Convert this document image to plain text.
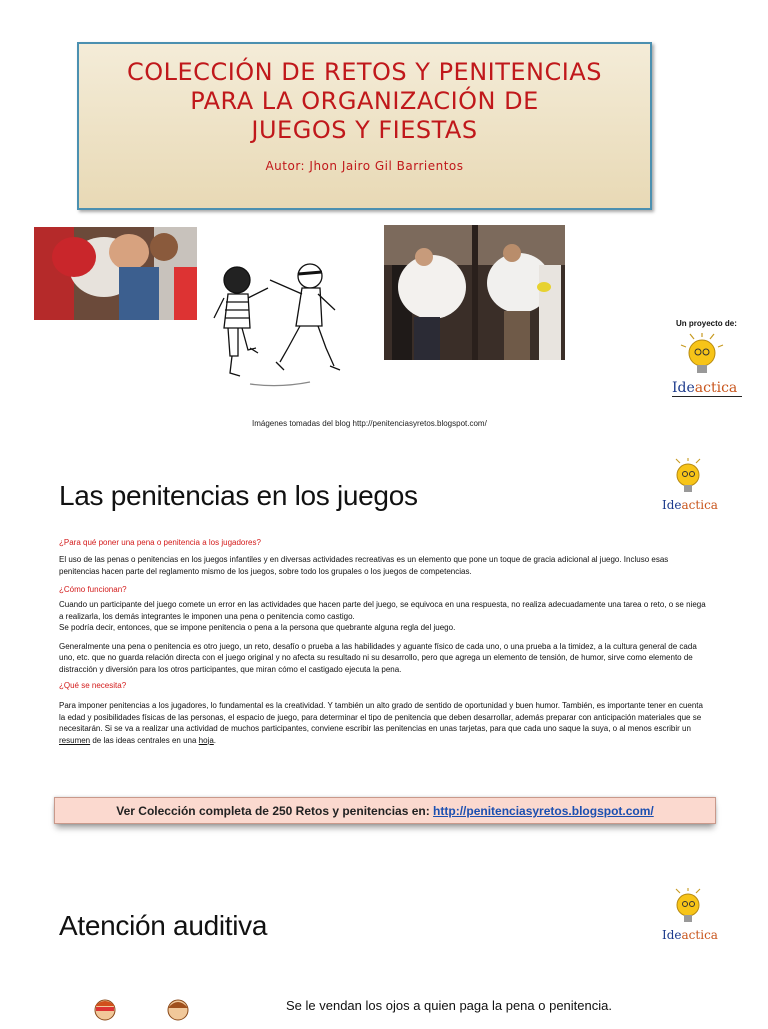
COLECCIÓN DE RETOS Y PENITENCIAS
PARA LA ORGANIZACIÓN DE
JUEGOS Y FIESTAS
Autor: Jhon Jairo Gil Barrientos
Un proyecto de:
Ideactica
Imágenes tomadas del blog http://penitenciasyretos.blogspot.com/
Ideactica
Las penitencias en los juegos

¿Para qué poner una pena o penitencia a los jugadores?

El uso de las penas o penitencias en los juegos infantiles y en diversas actividades recreativas es un elemento que pone un toque de gracia adicional al juego. Incluso esas penitencias hacen parte del reglamento mismo de los juegos, sobre todo los grupales o los juegos de competencias.

¿Cómo funcionan?

Cuando un participante del juego comete un error en las actividades que hacen parte del juego, se equivoca en una respuesta, no realiza adecuadamente una tarea o reto, o se niega a realizarla, los demás integrantes le imponen una pena o penitencia como castigo.

Se podría decir, entonces, que se impone penitencia o pena a la persona que quebrante alguna regla del juego.

Generalmente una pena o penitencia es otro juego, un reto, desafío o prueba a las habilidades y aguante físico de cada uno, o una prueba a la timidez, a la cultura general de cada uno, etc. que no guarda relación directa con el juego original y no afecta su resultado ni su desarrollo, pero que agrega un elemento de tensión, de humor, sirve como elemento de distracción y diversión para los otros participantes, que miran cómo el castigado ejecuta la pena.

¿Qué se necesita?

Para imponer penitencias a los jugadores, lo fundamental es la creatividad. Y también un alto grado de sentido de oportunidad y buen humor. También, es importante tener en cuenta la edad y posibilidades físicas de las personas, el espacio de juego, para determinar el tipo de penitencia que deben desarrollar, además preparar con anticipación materiales que se necesitarán. Si se va a realizar una actividad de muchos participantes, conviene escribir las penitencias en unas tarjetas, para que cada uno saque la suya, o al menos escribir un resumen de las ideas centrales en una hoja.

Ver Colección completa de 250 Retos y penitencias en: http://penitenciasyretos.blogspot.com/
Ideactica
Atención auditiva
Se le vendan los ojos a quien paga la pena o penitencia.
